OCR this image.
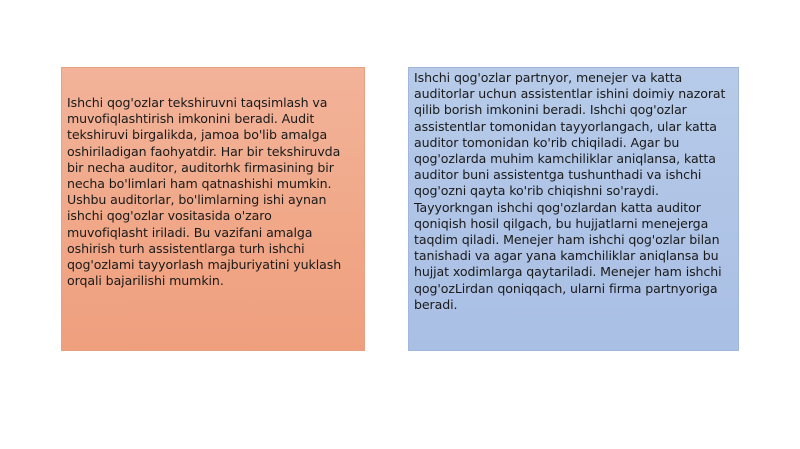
Ishchi qog'ozlar tekshiruvni taqsimlash va muvofiqlashtirish imkonini beradi. Audit tekshiruvi birgalikda, jamoa bo'lib amalga oshiriladigan faohyatdir. Har bir tekshiruvda bir necha auditor, auditorhk firmasining bir necha bo'limlari ham qatnashishi mumkin. Ushbu auditorlar, bo'limlarning ishi aynan ishchi qog'ozlar vositasida o'zaro muvofiqlasht iriladi. Bu vazifani amalga oshirish turh assistentlarga turh ishchi qog'ozlami tayyorlash majburiyatini yuklash orqali bajarilishi mumkin.

Ishchi qog'ozlar partnyor, menejer va katta auditorlar uchun assistentlar ishini doimiy nazorat qilib borish imkonini beradi. Ishchi qog'ozlar assistentlar tomonidan tayyorlangach, ular katta auditor tomonidan ko'rib chiqiladi. Agar bu qog'ozlarda muhim kamchiliklar aniqlansa, katta auditor buni assistentga tushunthadi va ishchi qog'ozni qayta ko'rib chiqishni so'raydi. Tayyorkngan ishchi qog'ozlardan katta auditor qoniqish hosil qilgach, bu hujjatlarni menejerga taqdim qiladi. Menejer ham ishchi qog'ozlar bilan tanishadi va agar yana kamchiliklar aniqlansa bu hujjat xodimlarga qaytariladi. Menejer ham ishchi qog'ozLirdan qoniqqach, ularni firma partnyoriga beradi.
